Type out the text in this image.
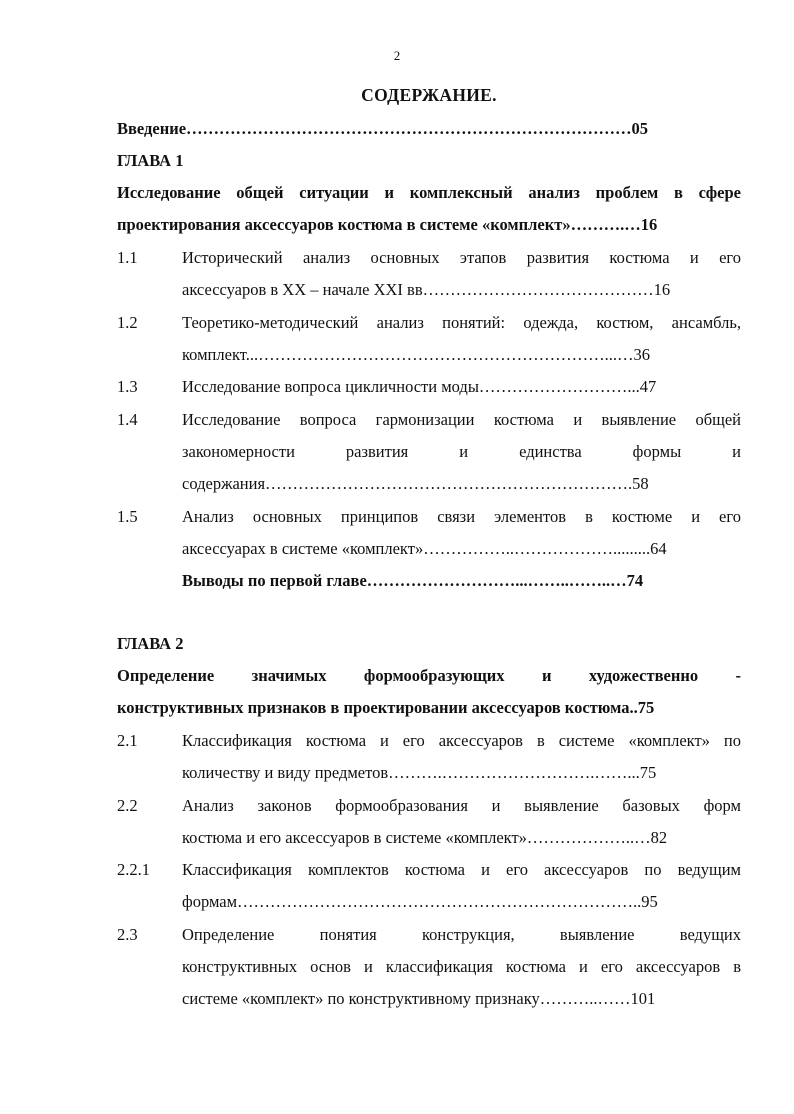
2
СОДЕРЖАНИЕ.
Введение………………………………………………………………………05
ГЛАВА 1
Исследование общей ситуации и комплексный анализ проблем в сфере
проектирования аксессуаров костюма в системе «комплект»……….…16
1.1	Исторический анализ основных этапов развития костюма и его
аксессуаров в XX – начале XXI вв……………………………………16
1.2	Теоретико-методический анализ понятий: одежда, костюм, ансамбль,
комплект...………………………………………………………...…36
1.3	Исследование вопроса цикличности моды………………………...47
1.4	Исследование вопроса гармонизации костюма и выявление общей
закономерности развития и единства формы и
содержания………………………………………………………….58
1.5	Анализ основных принципов связи элементов в костюме и его
аксессуарах в системе «комплект»……………..……………….........64
Выводы по первой главе………………………...……..……..…74
ГЛАВА 2
Определение значимых формообразующих и художественно -
конструктивных признаков в проектировании аксессуаров костюма..75
2.1	Классификация костюма и его аксессуаров в системе «комплект» по
количеству и виду предметов……….……………………….……...75
2.2	Анализ законов формообразования и выявление базовых форм
костюма и его аксессуаров в системе «комплект»………………..…82
2.2.1 Классификация комплектов костюма и его аксессуаров по ведущим
формам………………………………………………………………..95
2.3	Определение понятия конструкция, выявление ведущих
конструктивных основ и классификация костюма и его аксессуаров в
системе «комплект» по конструктивному признаку………..……101
